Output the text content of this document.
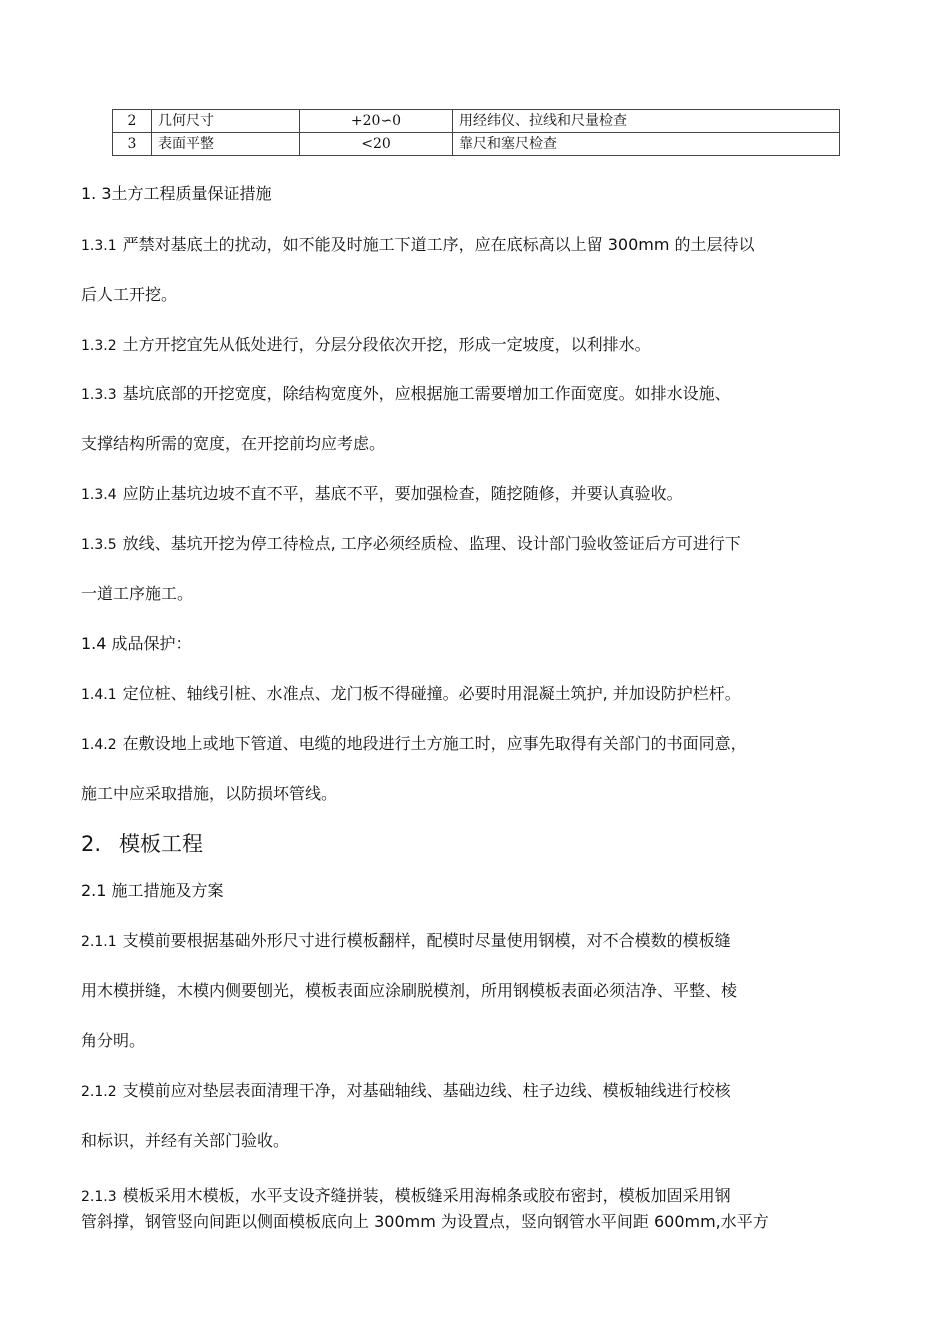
2	几何尺寸	+20∽0	用经纬仪、拉线和尺量检查
3	表面平整	<20	靠尺和塞尺检查

1. 3土方工程质量保证措施

1.3.1 严禁对基底土的扰动，如不能及时施工下道工序，应在底标高以上留 300mm 的土层待以

后人工开挖。

1.3.2 土方开挖宜先从低处进行，分层分段依次开挖，形成一定坡度，以利排水。

1.3.3 基坑底部的开挖宽度，除结构宽度外，应根据施工需要增加工作面宽度。如排水设施、

支撑结构所需的宽度，在开挖前均应考虑。

1.3.4 应防止基坑边坡不直不平，基底不平，要加强检查，随挖随修，并要认真验收。

1.3.5 放线、基坑开挖为停工待检点, 工序必须经质检、监理、设计部门验收签证后方可进行下

一道工序施工。

1.4 成品保护：

1.4.1 定位桩、轴线引桩、水准点、龙门板不得碰撞。必要时用混凝土筑护, 并加设防护栏杆。

1.4.2 在敷设地上或地下管道、电缆的地段进行土方施工时，应事先取得有关部门的书面同意，

施工中应采取措施，以防损坏管线。

2. 模板工程

2.1 施工措施及方案

2.1.1 支模前要根据基础外形尺寸进行模板翻样，配模时尽量使用钢模，对不合模数的模板缝

用木模拼缝，木模内侧要刨光，模板表面应涂刷脱模剂，所用钢模板表面必须洁净、平整、棱

角分明。

2.1.2 支模前应对垫层表面清理干净，对基础轴线、基础边线、柱子边线、模板轴线进行校核

和标识，并经有关部门验收。

2.1.3 模板采用木模板，水平支设齐缝拼装，模板缝采用海棉条或胶布密封，模板加固采用钢

管斜撑，钢管竖向间距以侧面模板底向上 300mm 为设置点，竖向钢管水平间距 600mm,水平方
